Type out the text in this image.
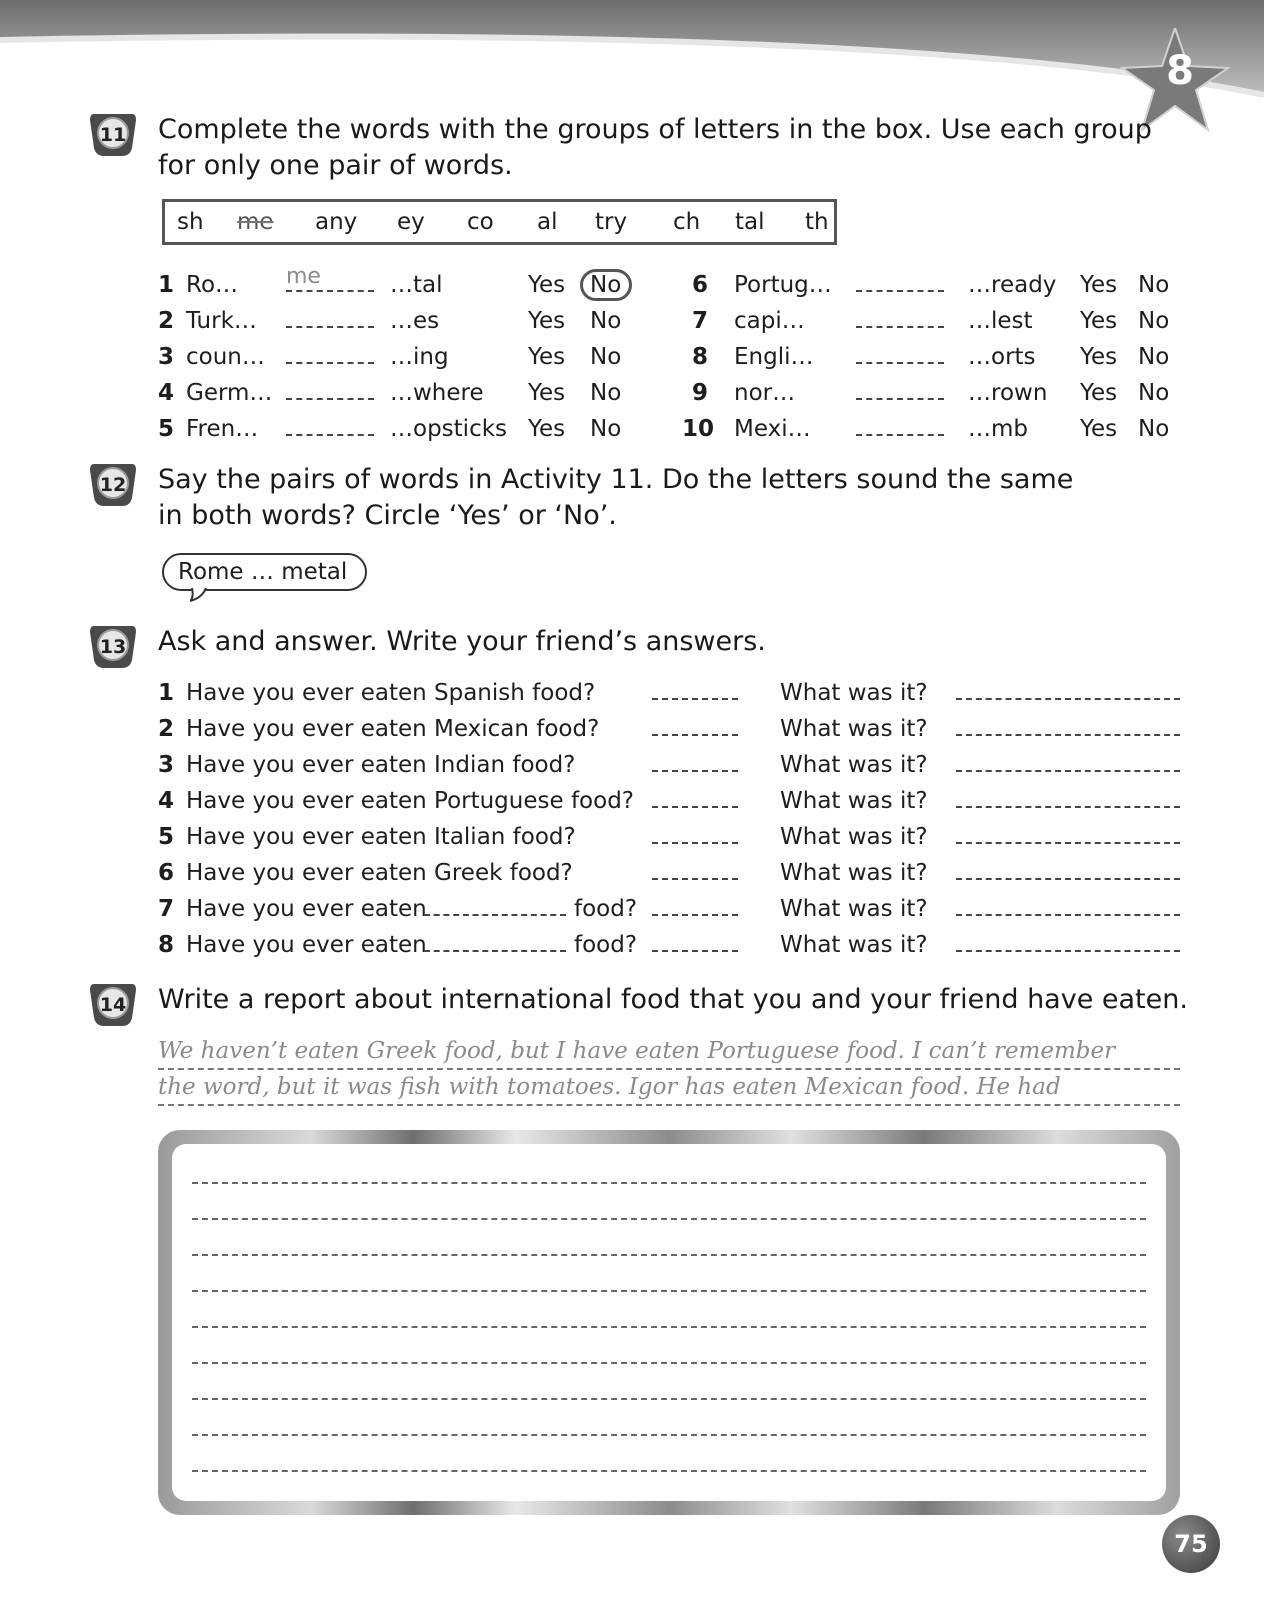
8
11	Complete the words with the groups of letters in the box. Use each group
for only one pair of words.
sh me any ey co al try ch tal th
1 Ro… me	…tal	Yes No
2 Turk…	…es	Yes No
3 coun…	…ing	Yes No
4 Germ…	…where Yes No
5 Fren…	…opsticks Yes No
6 Portug…	…ready Yes No
7 capi…	…lest Yes No
8 Engli…	…orts Yes No
9 nor…	…rown Yes No
10 Mexi…	…mb Yes No
12	Say the pairs of words in Activity 11. Do the letters sound the same
in both words? Circle ‘Yes’ or ‘No’.
Rome … metal
13	Ask and answer. Write your friend’s answers.
1 Have you ever eaten Spanish food?	What was it?
2 Have you ever eaten Mexican food?	What was it?
3 Have you ever eaten Indian food?	What was it?
4 Have you ever eaten Portuguese food?	What was it?
5 Have you ever eaten Italian food?	What was it?
6 Have you ever eaten Greek food?	What was it?
7 Have you ever eaten	food?	What was it?
8 Have you ever eaten	food?	What was it?
14	Write a report about international food that you and your friend have eaten.
We haven’t eaten Greek food, but I have eaten Portuguese food. I can’t remember
the word, but it was fish with tomatoes. Igor has eaten Mexican food. He had
75
